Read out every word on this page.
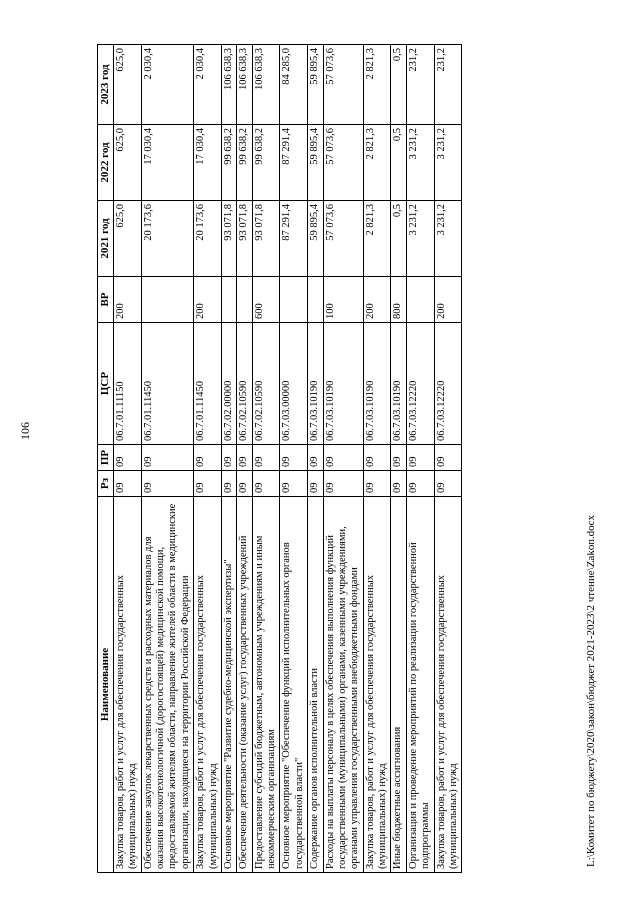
106
Наименование	Рз	ПР	ЦСР	ВР	2021 год	2022 год	2023 год
Закупка товаров, работ и услуг для обеспечения государственных (муниципальных) нужд	09	09	06.7.01.11150	200	625,0	625,0	625,0
Обеспечение закупок лекарственных средств и расходных материалов для оказания высокотехнологичной (дорогостоящей) медицинской помощи, предоставляемой жителям области, направление жителей области в медицинские организации, находящиеся на территории Российской Федерации	09	09	06.7.01.11450		20 173,6	17 030,4	2 030,4
Закупка товаров, работ и услуг для обеспечения государственных (муниципальных) нужд	09	09	06.7.01.11450	200	20 173,6	17 030,4	2 030,4
Основное мероприятие "Развитие судебно-медицинской экспертизы"	09	09	06.7.02.00000		93 071,8	99 638,2	106 638,3
Обеспечение деятельности (оказание услуг) государственных учреждений	09	09	06.7.02.10590		93 071,8	99 638,2	106 638,3
Предоставление субсидий бюджетным, автономным учреждениям и иным некоммерческим организациям	09	09	06.7.02.10590	600	93 071,8	99 638,2	106 638,3
Основное мероприятие "Обеспечение функций исполнительных органов государственной власти"	09	09	06.7.03.00000		87 291,4	87 291,4	84 285,0
Содержание органов исполнительной власти	09	09	06.7.03.10190		59 895,4	59 895,4	59 895,4
Расходы на выплаты персоналу в целях обеспечения выполнения функций государственными (муниципальными) органами, казенными учреждениями, органами управления государственными внебюджетными фондами	09	09	06.7.03.10190	100	57 073,6	57 073,6	57 073,6
Закупка товаров, работ и услуг для обеспечения государственных (муниципальных) нужд	09	09	06.7.03.10190	200	2 821,3	2 821,3	2 821,3
Иные бюджетные ассигнования	09	09	06.7.03.10190	800	0,5	0,5	0,5
Организация и проведение мероприятий по реализации государственной подпрограммы	09	09	06.7.03.12220		3 231,2	3 231,2	231,2
Закупка товаров, работ и услуг для обеспечения государственных (муниципальных) нужд	09	09	06.7.03.12220	200	3 231,2	3 231,2	231,2
L:\Комитет по бюджету\2020\закон\бюджет 2021-2023\2 чтение\Zakon.docx
